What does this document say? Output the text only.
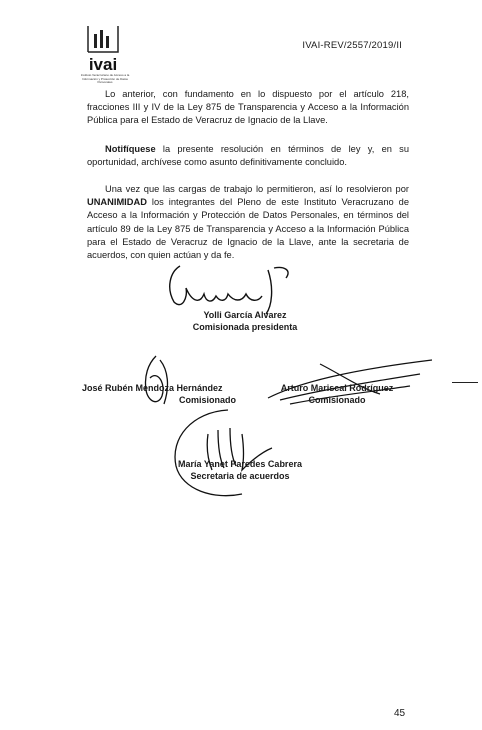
ivai
Instituto Veracruzano de Acceso a la Información y Protección de Datos Personales
IVAI-REV/2557/2019/II

Lo anterior, con fundamento en lo dispuesto por el artículo 218, fracciones III y IV de la Ley 875 de Transparencia y Acceso a la Información Pública para el Estado de Veracruz de Ignacio de la Llave.

Notifíquese la presente resolución en términos de ley y, en su oportunidad, archívese como asunto definitivamente concluido.

Una vez que las cargas de trabajo lo permitieron, así lo resolvieron por UNANIMIDAD los integrantes del Pleno de este Instituto Veracruzano de Acceso a la Información y Protección de Datos Personales, en términos del artículo 89 de la Ley 875 de Transparencia y Acceso a la Información Pública para el Estado de Veracruz de Ignacio de la Llave, ante la secretaria de acuerdos, con quien actúan y da fe.

Yolli García Alvarez
Comisionada presidenta
José Rubén Mendoza Hernández
Comisionado
Arturo Mariscal Rodríguez
Comisionado
María Yanet Paredes Cabrera
Secretaria de acuerdos
45
